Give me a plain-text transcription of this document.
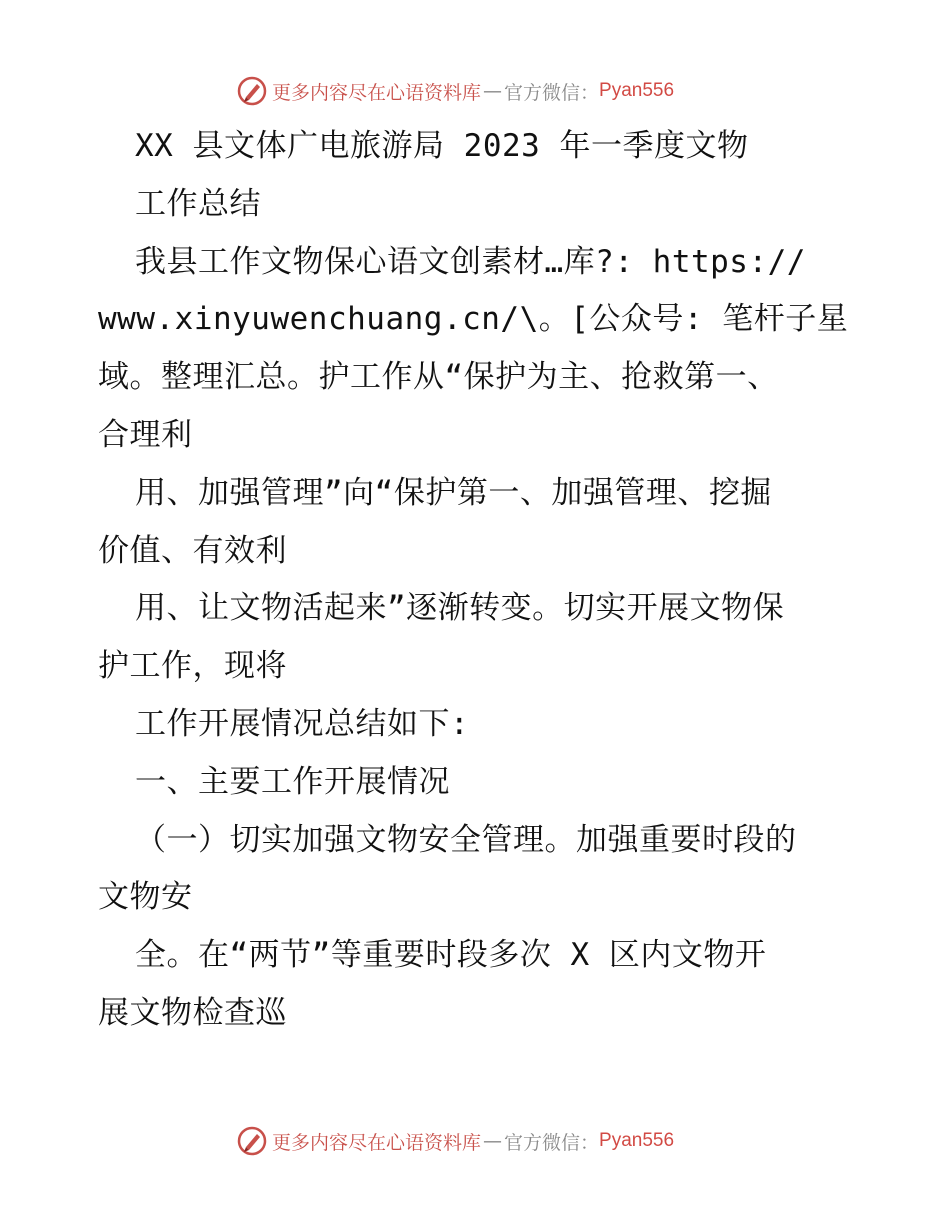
更多内容尽在心语资料库 — 官方微信： Pyan556
XX 县文体广电旅游局 2023 年一季度文物
工作总结
我县工作文物保心语文创素材…库?: https://
www.xinyuwenchuang.cn/\。[公众号: 笔杆子星
域。整理汇总。护工作从“保护为主、抢救第一、
合理利
用、加强管理”向“保护第一、加强管理、挖掘
价值、有效利
用、让文物活起来”逐渐转变。切实开展文物保
护工作，现将
工作开展情况总结如下:
一、主要工作开展情况
（一）切实加强文物安全管理。加强重要时段的
文物安
全。在“两节”等重要时段多次 X 区内文物开
展文物检查巡
更多内容尽在心语资料库 — 官方微信： Pyan556
